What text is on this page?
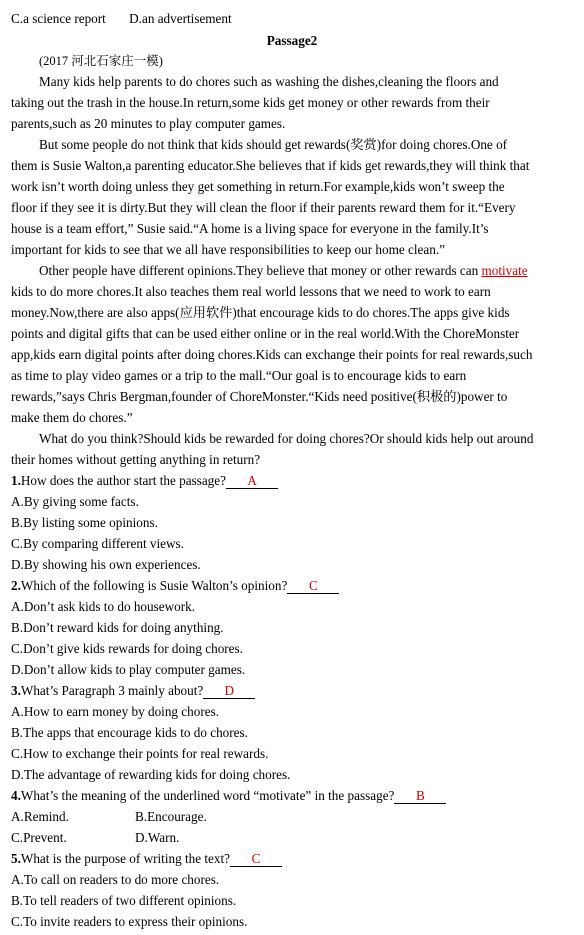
C.a science report D.an advertisement
Passage2
(2017 河北石家庄一模)
Many kids help parents to do chores such as washing the dishes,cleaning the floors and
taking out the trash in the house.In return,some kids get money or other rewards from their
parents,such as 20 minutes to play computer games.
But some people do not think that kids should get rewards(奖赏)for doing chores.One of
them is Susie Walton,a parenting educator.She believes that if kids get rewards,they will think that
work isn’t worth doing unless they get something in return.For example,kids won’t sweep the
floor if they see it is dirty.But they will clean the floor if their parents reward them for it.“Every
house is a team effort,” Susie said.“A home is a living space for everyone in the family.It’s
important for kids to see that we all have responsibilities to keep our home clean.”
Other people have different opinions.They believe that money or other rewards can motivate
kids to do more chores.It also teaches them real world lessons that we need to work to earn
money.Now,there are also apps(应用软件)that encourage kids to do chores.The apps give kids
points and digital gifts that can be used either online or in the real world.With the ChoreMonster
app,kids earn digital points after doing chores.Kids can exchange their points for real rewards,such
as time to play video games or a trip to the mall.“Our goal is to encourage kids to earn
rewards,”says Chris Bergman,founder of ChoreMonster.“Kids need positive(积极的)power to
make them do chores.”
What do you think?Should kids be rewarded for doing chores?Or should kids help out around
their homes without getting anything in return?
1.How does the author start the passage? A
A.By giving some facts.
B.By listing some opinions.
C.By comparing different views.
D.By showing his own experiences.
2.Which of the following is Susie Walton’s opinion? C
A.Don’t ask kids to do housework.
B.Don’t reward kids for doing anything.
C.Don’t give kids rewards for doing chores.
D.Don’t allow kids to play computer games.
3.What’s Paragraph 3 mainly about? D
A.How to earn money by doing chores.
B.The apps that encourage kids to do chores.
C.How to exchange their points for real rewards.
D.The advantage of rewarding kids for doing chores.
4.What’s the meaning of the underlined word “motivate” in the passage? B
A.Remind.	B.Encourage.
C.Prevent.	D.Warn.
5.What is the purpose of writing the text? C
A.To call on readers to do more chores.
B.To tell readers of two different opinions.
C.To invite readers to express their opinions.
